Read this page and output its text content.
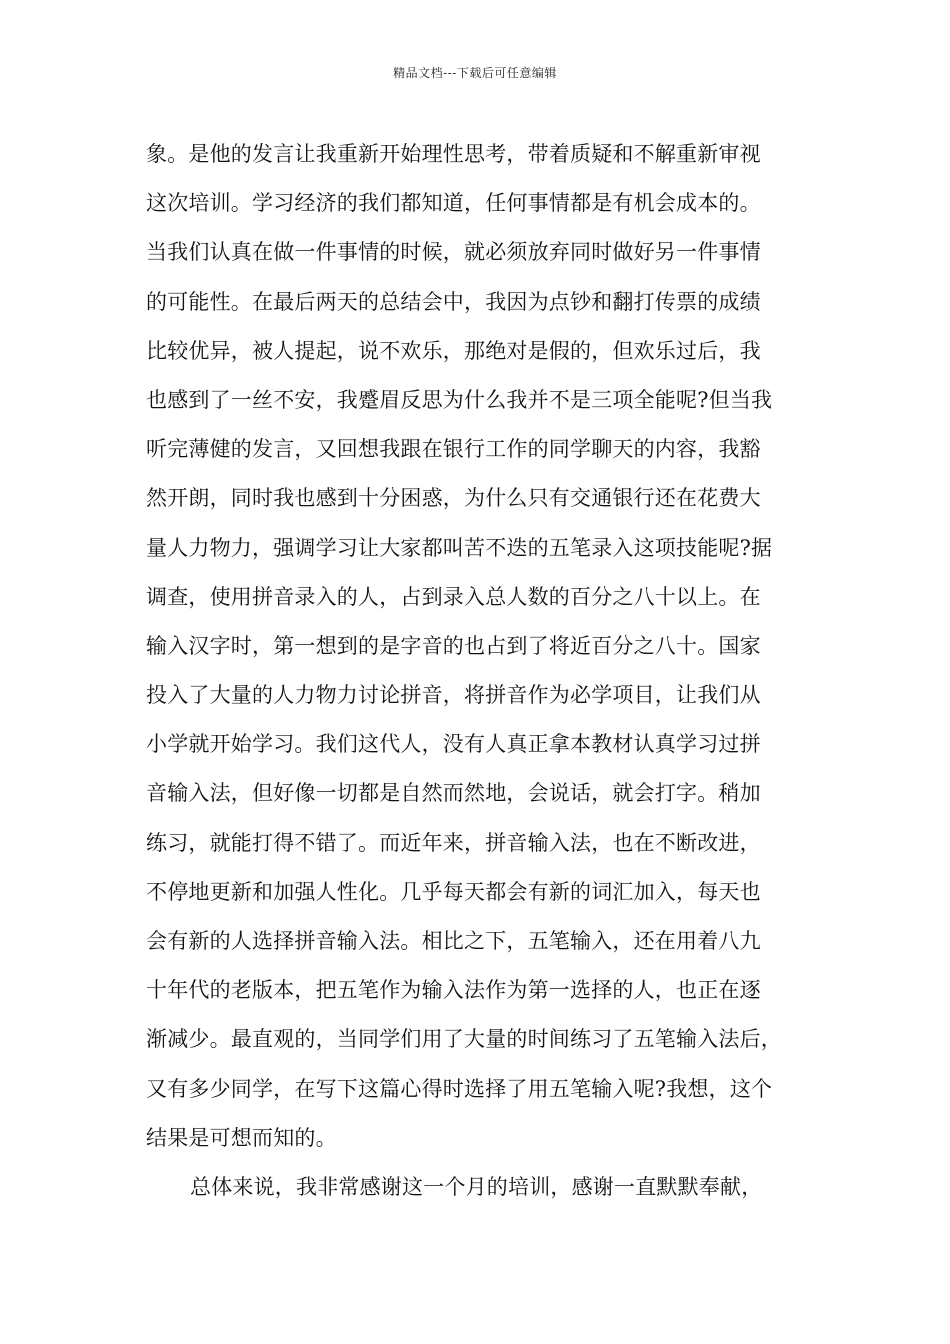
精品文档---下载后可任意编辑
象。是他的发言让我重新开始理性思考，带着质疑和不解重新审视
这次培训。学习经济的我们都知道，任何事情都是有机会成本的。
当我们认真在做一件事情的时候，就必须放弃同时做好另一件事情
的可能性。在最后两天的总结会中，我因为点钞和翻打传票的成绩
比较优异，被人提起，说不欢乐，那绝对是假的，但欢乐过后，我
也感到了一丝不安，我蹙眉反思为什么我并不是三项全能呢?但当我
听完薄健的发言，又回想我跟在银行工作的同学聊天的内容，我豁
然开朗，同时我也感到十分困惑，为什么只有交通银行还在花费大
量人力物力，强调学习让大家都叫苦不迭的五笔录入这项技能呢?据
调查，使用拼音录入的人，占到录入总人数的百分之八十以上。在
输入汉字时，第一想到的是字音的也占到了将近百分之八十。国家
投入了大量的人力物力讨论拼音，将拼音作为必学项目，让我们从
小学就开始学习。我们这代人，没有人真正拿本教材认真学习过拼
音输入法，但好像一切都是自然而然地，会说话，就会打字。稍加
练习，就能打得不错了。而近年来，拼音输入法，也在不断改进，
不停地更新和加强人性化。几乎每天都会有新的词汇加入，每天也
会有新的人选择拼音输入法。相比之下，五笔输入，还在用着八九
十年代的老版本，把五笔作为输入法作为第一选择的人，也正在逐
渐减少。最直观的，当同学们用了大量的时间练习了五笔输入法后，
又有多少同学，在写下这篇心得时选择了用五笔输入呢?我想，这个
结果是可想而知的。
总体来说，我非常感谢这一个月的培训，感谢一直默默奉献，
